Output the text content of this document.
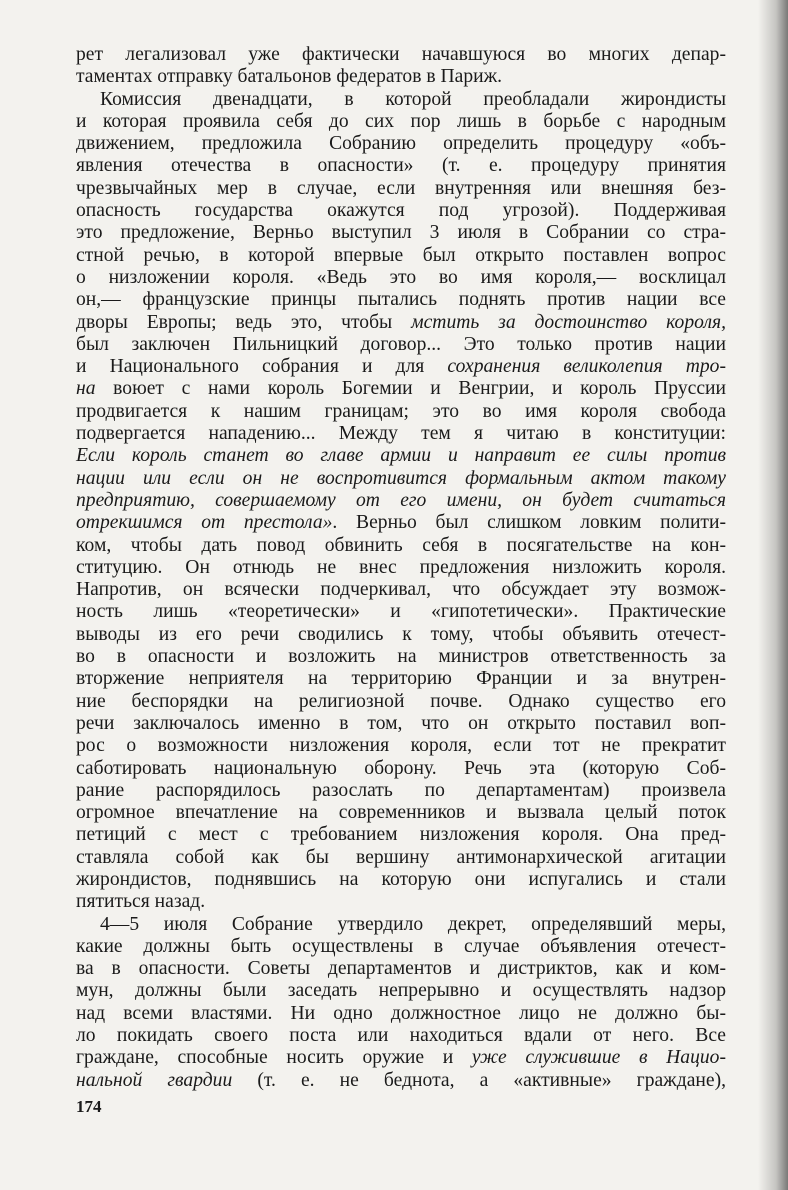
рет легализовал уже фактически начавшуюся во многих депар-
таментах отправку батальонов федератов в Париж.
Комиссия двенадцати, в которой преобладали жирондисты
и которая проявила себя до сих пор лишь в борьбе с народным
движением, предложила Собранию определить процедуру «объ-
явления отечества в опасности» (т. е. процедуру принятия
чрезвычайных мер в случае, если внутренняя или внешняя без-
опасность государства окажутся под угрозой). Поддерживая
это предложение, Верньо выступил 3 июля в Собрании со стра-
стной речью, в которой впервые был открыто поставлен вопрос
о низложении короля. «Ведь это во имя короля,— восклицал
он,— французские принцы пытались поднять против нации все
дворы Европы; ведь это, чтобы мстить за достоинство короля,
был заключен Пильницкий договор... Это только против нации
и Национального собрания и для сохранения великолепия тро-
на воюет с нами король Богемии и Венгрии, и король Пруссии
продвигается к нашим границам; это во имя короля свобода
подвергается нападению... Между тем я читаю в конституции:
Если король станет во главе армии и направит ее силы против
нации или если он не воспротивится формальным актом такому
предприятию, совершаемому от его имени, он будет считаться
отрекшимся от престола». Верньо был слишком ловким полити-
ком, чтобы дать повод обвинить себя в посягательстве на кон-
ституцию. Он отнюдь не внес предложения низложить короля.
Напротив, он всячески подчеркивал, что обсуждает эту возмож-
ность лишь «теоретически» и «гипотетически». Практические
выводы из его речи сводились к тому, чтобы объявить отечест-
во в опасности и возложить на министров ответственность за
вторжение неприятеля на территорию Франции и за внутрен-
ние беспорядки на религиозной почве. Однако существо его
речи заключалось именно в том, что он открыто поставил воп-
рос о возможности низложения короля, если тот не прекратит
саботировать национальную оборону. Речь эта (которую Соб-
рание распорядилось разослать по департаментам) произвела
огромное впечатление на современников и вызвала целый поток
петиций с мест с требованием низложения короля. Она пред-
ставляла собой как бы вершину антимонархической агитации
жирондистов, поднявшись на которую они испугались и стали
пятиться назад.
4—5 июля Собрание утвердило декрет, определявший меры,
какие должны быть осуществлены в случае объявления отечест-
ва в опасности. Советы департаментов и дистриктов, как и ком-
мун, должны были заседать непрерывно и осуществлять надзор
над всеми властями. Ни одно должностное лицо не должно бы-
ло покидать своего поста или находиться вдали от него. Все
граждане, способные носить оружие и уже служившие в Нацио-
нальной гвардии (т. е. не беднота, а «активные» граждане),
174
